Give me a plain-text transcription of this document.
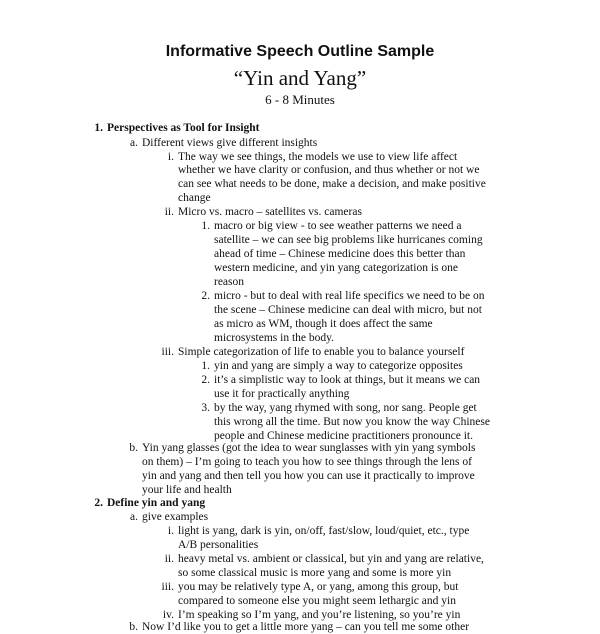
Informative Speech Outline Sample
“Yin and Yang”
6 - 8 Minutes
1. Perspectives as Tool for Insight
a. Different views give different insights
i. The way we see things, the models we use to view life affect
whether we have clarity or confusion, and thus whether or not we
can see what needs to be done, make a decision, and make positive
change
ii. Micro vs. macro – satellites vs. cameras
1. macro or big view - to see weather patterns we need a
satellite – we can see big problems like hurricanes coming
ahead of time – Chinese medicine does this better than
western medicine, and yin yang categorization is one
reason
2. micro - but to deal with real life specifics we need to be on
the scene – Chinese medicine can deal with micro, but not
as micro as WM, though it does affect the same
microsystems in the body.
iii. Simple categorization of life to enable you to balance yourself
1. yin and yang are simply a way to categorize opposites
2. it’s a simplistic way to look at things, but it means we can
use it for practically anything
3. by the way, yang rhymed with song, nor sang. People get
this wrong all the time. But now you know the way Chinese
people and Chinese medicine practitioners pronounce it.
b. Yin yang glasses (got the idea to wear sunglasses with yin yang symbols
on them) – I’m going to teach you how to see things through the lens of
yin and yang and then tell you how you can use it practically to improve
your life and health
2. Define yin and yang
a. give examples
i. light is yang, dark is yin, on/off, fast/slow, loud/quiet, etc., type
A/B personalities
ii. heavy metal vs. ambient or classical, but yin and yang are relative,
so some classical music is more yang and some is more yin
iii. you may be relatively type A, or yang, among this group, but
compared to someone else you might seem lethargic and yin
iv. I’m speaking so I’m yang, and you’re listening, so you’re yin
b. Now I’d like you to get a little more yang – can you tell me some other
